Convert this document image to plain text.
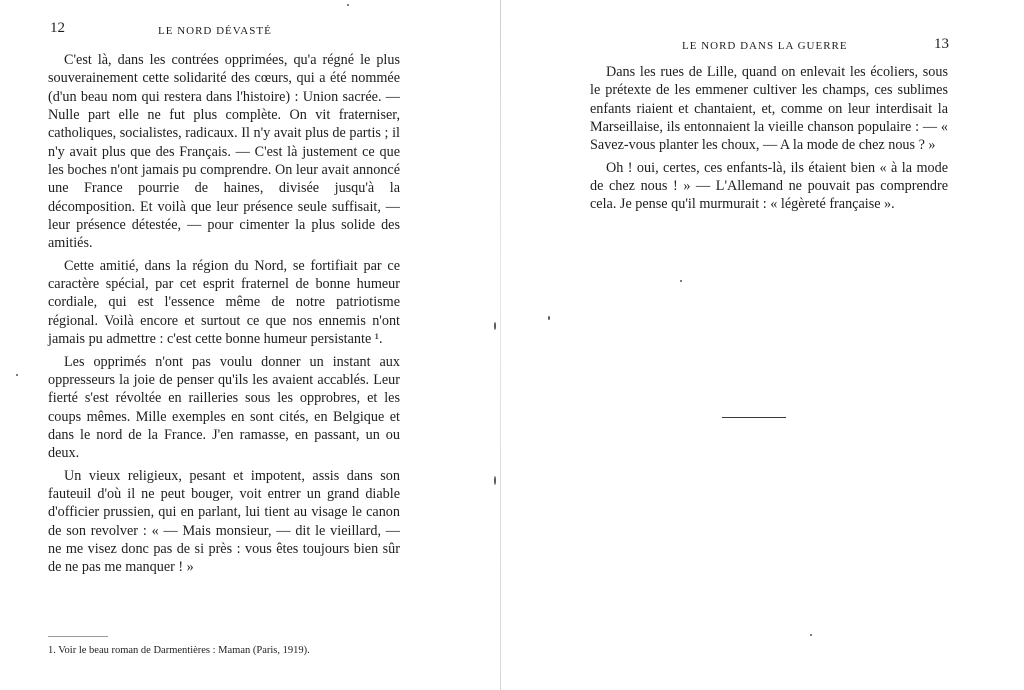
12	LE NORD DÉVASTÉ

C'est là, dans les contrées opprimées, qu'a régné le plus souverainement cette solidarité des cœurs, qui a été nommée (d'un beau nom qui restera dans l'histoire) : Union sacrée. — Nulle part elle ne fut plus complète. On vit fraterniser, catholiques, socialistes, radicaux. Il n'y avait plus de partis ; il n'y avait plus que des Français. — C'est là justement ce que les boches n'ont jamais pu comprendre. On leur avait annoncé une France pourrie de haines, divisée jusqu'à la décomposition. Et voilà que leur présence seule suffisait, — leur présence détestée, — pour cimenter la plus solide des amitiés.

Cette amitié, dans la région du Nord, se fortifiait par ce caractère spécial, par cet esprit fraternel de bonne humeur cordiale, qui est l'essence même de notre patriotisme régional. Voilà encore et surtout ce que nos ennemis n'ont jamais pu admettre : c'est cette bonne humeur persistante ¹.

Les opprimés n'ont pas voulu donner un instant aux oppresseurs la joie de penser qu'ils les avaient accablés. Leur fierté s'est révoltée en railleries sous les opprobres, et les coups mêmes. Mille exemples en sont cités, en Belgique et dans le nord de la France. J'en ramasse, en passant, un ou deux.

Un vieux religieux, pesant et impotent, assis dans son fauteuil d'où il ne peut bouger, voit entrer un grand diable d'officier prussien, qui en parlant, lui tient au visage le canon de son revolver : « — Mais monsieur, — dit le vieillard, — ne me visez donc pas de si près : vous êtes toujours bien sûr de ne pas me manquer ! »

1. Voir le beau roman de Darmentières : Maman (Paris, 1919).
LE NORD DANS LA GUERRE	13

Dans les rues de Lille, quand on enlevait les écoliers, sous le prétexte de les emmener cultiver les champs, ces sublimes enfants riaient et chantaient, et, comme on leur interdisait la Marseillaise, ils entonnaient la vieille chanson populaire : — « Savez-vous planter les choux, — A la mode de chez nous ? »

Oh ! oui, certes, ces enfants-là, ils étaient bien « à la mode de chez nous ! » — L'Allemand ne pouvait pas comprendre cela. Je pense qu'il murmurait : « légèreté française ».
